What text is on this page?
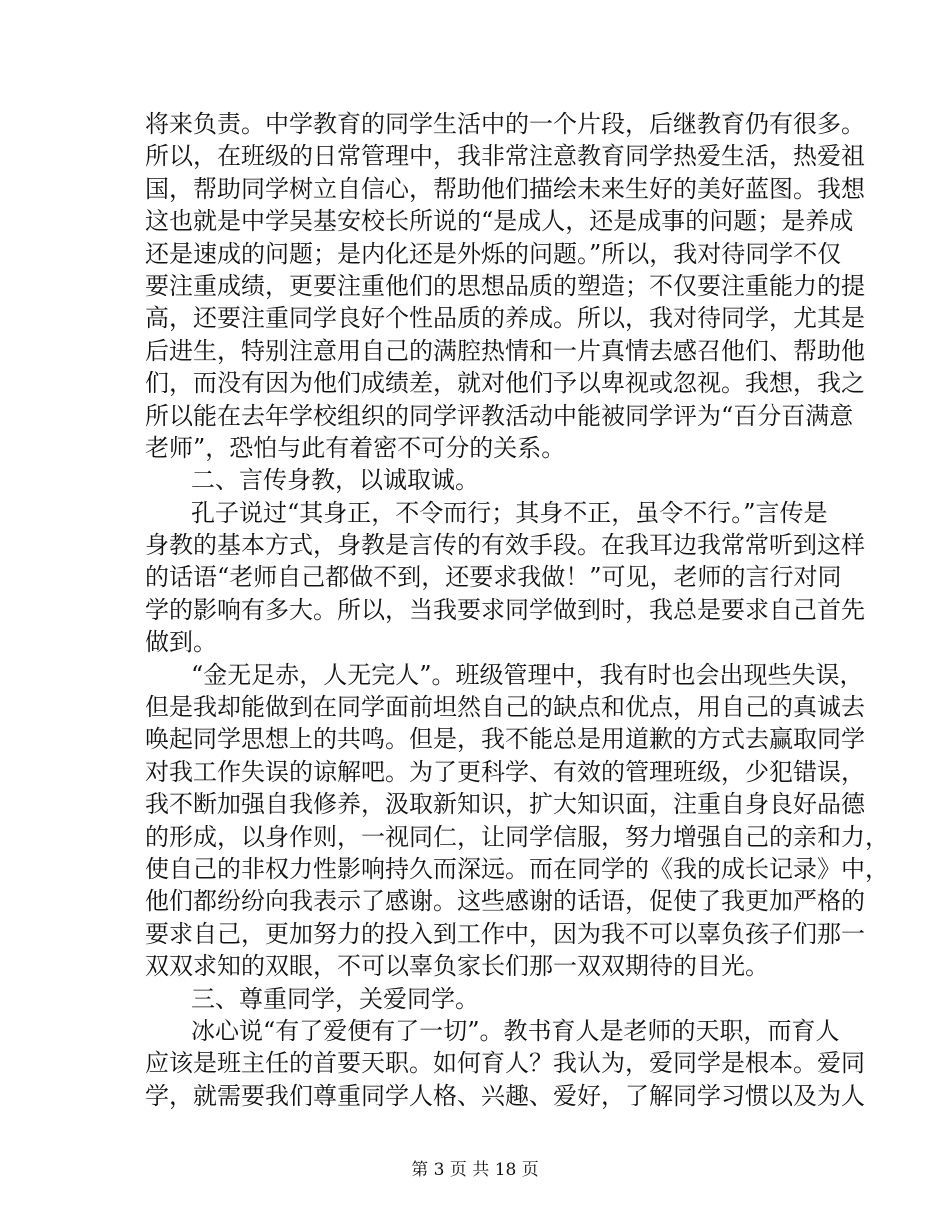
将来负责。中学教育的同学生活中的一个片段，后继教育仍有很多。
所以，在班级的日常管理中，我非常注意教育同学热爱生活，热爱祖
国，帮助同学树立自信心，帮助他们描绘未来生好的美好蓝图。我想
这也就是中学吴基安校长所说的“是成人，还是成事的问题；是养成
还是速成的问题；是内化还是外烁的问题。”所以，我对待同学不仅
要注重成绩，更要注重他们的思想品质的塑造；不仅要注重能力的提
高，还要注重同学良好个性品质的养成。所以，我对待同学，尤其是
后进生，特别注意用自己的满腔热情和一片真情去感召他们、帮助他
们，而没有因为他们成绩差，就对他们予以卑视或忽视。我想，我之
所以能在去年学校组织的同学评教活动中能被同学评为“百分百满意
老师”，恐怕与此有着密不可分的关系。
二、言传身教，以诚取诚。
孔子说过“其身正，不令而行；其身不正，虽令不行。”言传是
身教的基本方式，身教是言传的有效手段。在我耳边我常常听到这样
的话语“老师自己都做不到，还要求我做！”可见，老师的言行对同
学的影响有多大。所以，当我要求同学做到时，我总是要求自己首先
做到。
“金无足赤，人无完人”。班级管理中，我有时也会出现些失误，
但是我却能做到在同学面前坦然自己的缺点和优点，用自己的真诚去
唤起同学思想上的共鸣。但是，我不能总是用道歉的方式去赢取同学
对我工作失误的谅解吧。为了更科学、有效的管理班级，少犯错误，
我不断加强自我修养，汲取新知识，扩大知识面，注重自身良好品德
的形成，以身作则，一视同仁，让同学信服，努力增强自己的亲和力，
使自己的非权力性影响持久而深远。而在同学的《我的成长记录》中，
他们都纷纷向我表示了感谢。这些感谢的话语，促使了我更加严格的
要求自己，更加努力的投入到工作中，因为我不可以辜负孩子们那一
双双求知的双眼，不可以辜负家长们那一双双期待的目光。
三、尊重同学，关爱同学。
冰心说“有了爱便有了一切”。教书育人是老师的天职，而育人
应该是班主任的首要天职。如何育人？我认为，爱同学是根本。爱同
学，就需要我们尊重同学人格、兴趣、爱好，了解同学习惯以及为人
第 3 页 共 18 页
